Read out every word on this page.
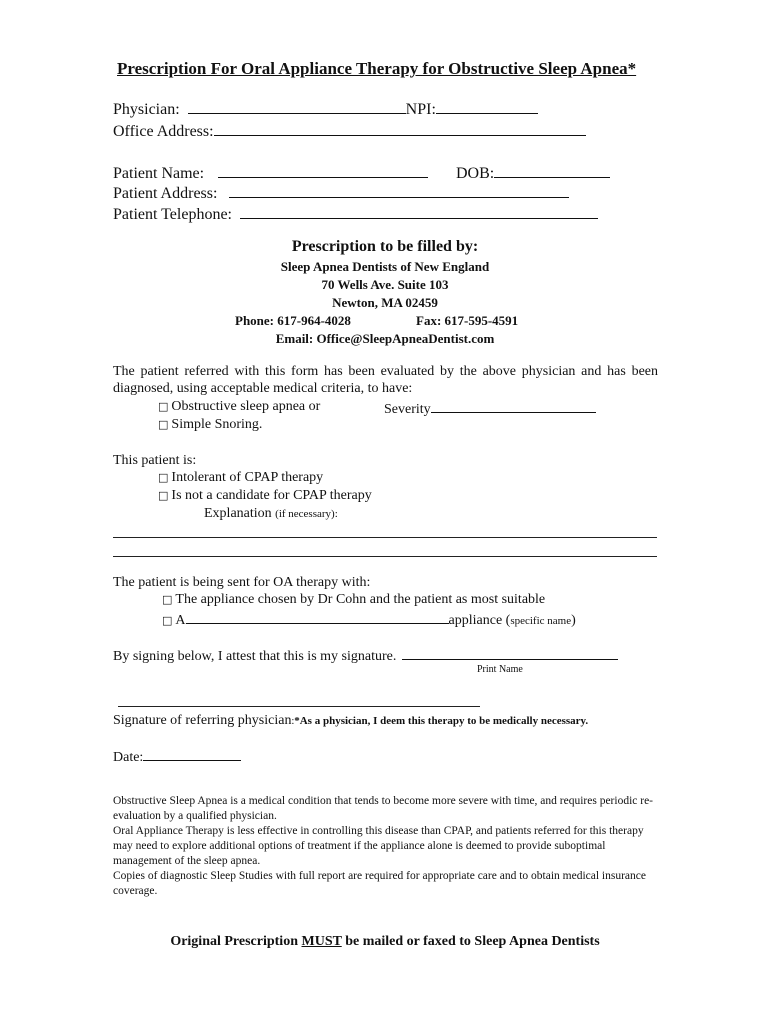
Prescription For Oral Appliance Therapy for Obstructive Sleep Apnea*
Physician:	NPI:
Office Address:
Patient Name:	DOB:
Patient Address:
Patient Telephone:
Prescription to be filled by:
Sleep Apnea Dentists of New England
70 Wells Ave. Suite 103
Newton, MA 02459
Phone: 617-964-4028	Fax: 617-595-4591
Email: Office@SleepApneaDentist.com
The patient referred with this form has been evaluated by the above physician and has been diagnosed, using acceptable medical criteria, to have:
□ Obstructive sleep apnea or	Severity
□ Simple Snoring.
This patient is:
□ Intolerant of CPAP therapy
□ Is not a candidate for CPAP therapy
Explanation (if necessary):
The patient is being sent for OA therapy with:
□ The appliance chosen by Dr Cohn and the patient as most suitable
□ A	appliance (specific name)
By signing below, I attest that this is my signature.
Print Name
Signature of referring physician:*As a physician, I deem this therapy to be medically necessary.
Date:
Obstructive Sleep Apnea is a medical condition that tends to become more severe with time, and requires periodic re-evaluation by a qualified physician.
Oral Appliance Therapy is less effective in controlling this disease than CPAP, and patients referred for this therapy may need to explore additional options of treatment if the appliance alone is deemed to provide suboptimal management of the sleep apnea.
Copies of diagnostic Sleep Studies with full report are required for appropriate care and to obtain medical insurance coverage.
Original Prescription MUST be mailed or faxed to Sleep Apnea Dentists
